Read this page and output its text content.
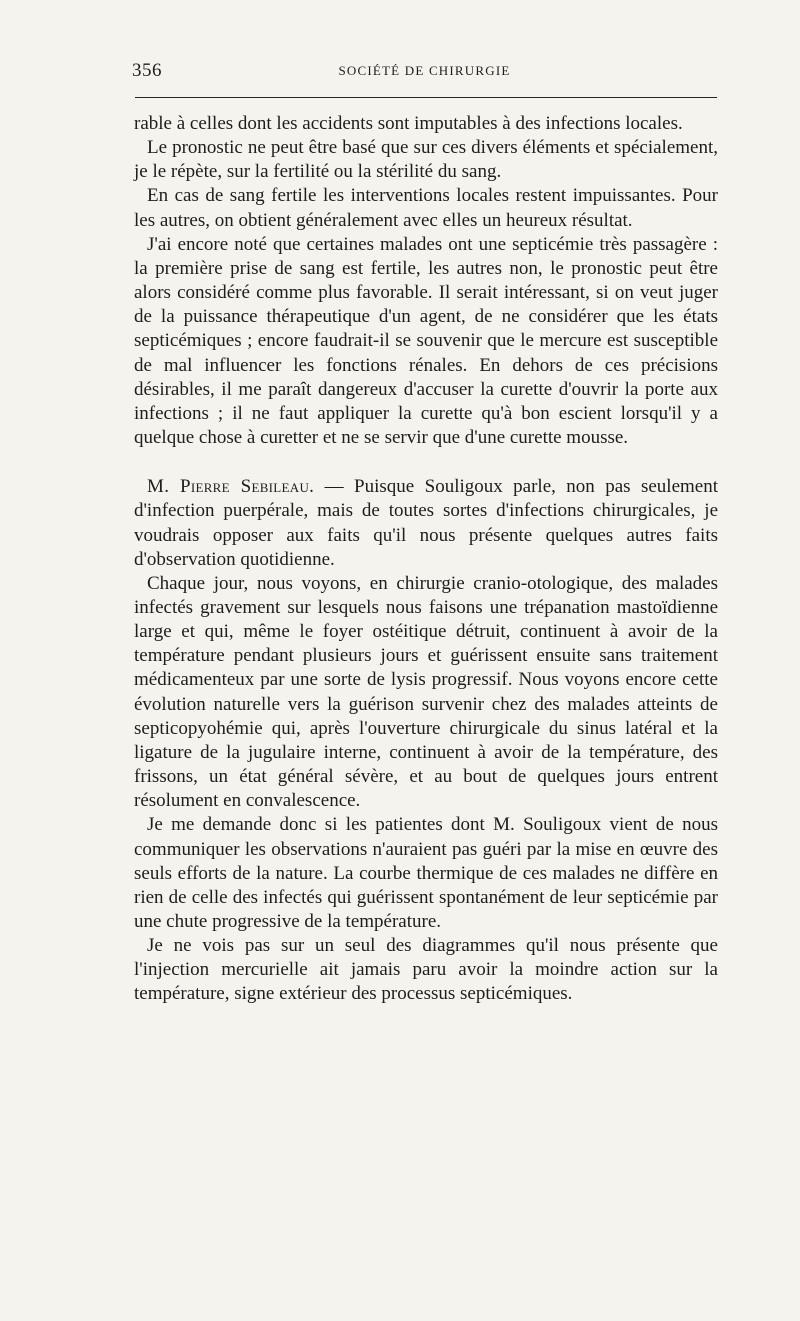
356	SOCIÉTÉ DE CHIRURGIE

rable à celles dont les accidents sont imputables à des infections locales.

Le pronostic ne peut être basé que sur ces divers éléments et spécialement, je le répète, sur la fertilité ou la stérilité du sang.

En cas de sang fertile les interventions locales restent impuissantes. Pour les autres, on obtient généralement avec elles un heureux résultat.

J'ai encore noté que certaines malades ont une septicémie très passagère : la première prise de sang est fertile, les autres non, le pronostic peut être alors considéré comme plus favorable. Il serait intéressant, si on veut juger de la puissance thérapeutique d'un agent, de ne considérer que les états septicémiques ; encore faudrait-il se souvenir que le mercure est susceptible de mal influencer les fonctions rénales. En dehors de ces précisions désirables, il me paraît dangereux d'accuser la curette d'ouvrir la porte aux infections ; il ne faut appliquer la curette qu'à bon escient lorsqu'il y a quelque chose à curetter et ne se servir que d'une curette mousse.

M. Pierre Sebileau. — Puisque Souligoux parle, non pas seulement d'infection puerpérale, mais de toutes sortes d'infections chirurgicales, je voudrais opposer aux faits qu'il nous présente quelques autres faits d'observation quotidienne.

Chaque jour, nous voyons, en chirurgie cranio-otologique, des malades infectés gravement sur lesquels nous faisons une trépanation mastoïdienne large et qui, même le foyer ostéitique détruit, continuent à avoir de la température pendant plusieurs jours et guérissent ensuite sans traitement médicamenteux par une sorte de lysis progressif. Nous voyons encore cette évolution naturelle vers la guérison survenir chez des malades atteints de septicopyohémie qui, après l'ouverture chirurgicale du sinus latéral et la ligature de la jugulaire interne, continuent à avoir de la température, des frissons, un état général sévère, et au bout de quelques jours entrent résolument en convalescence.

Je me demande donc si les patientes dont M. Souligoux vient de nous communiquer les observations n'auraient pas guéri par la mise en œuvre des seuls efforts de la nature. La courbe thermique de ces malades ne diffère en rien de celle des infectés qui guérissent spontanément de leur septicémie par une chute progressive de la température.

Je ne vois pas sur un seul des diagrammes qu'il nous présente que l'injection mercurielle ait jamais paru avoir la moindre action sur la température, signe extérieur des processus septicémiques.
